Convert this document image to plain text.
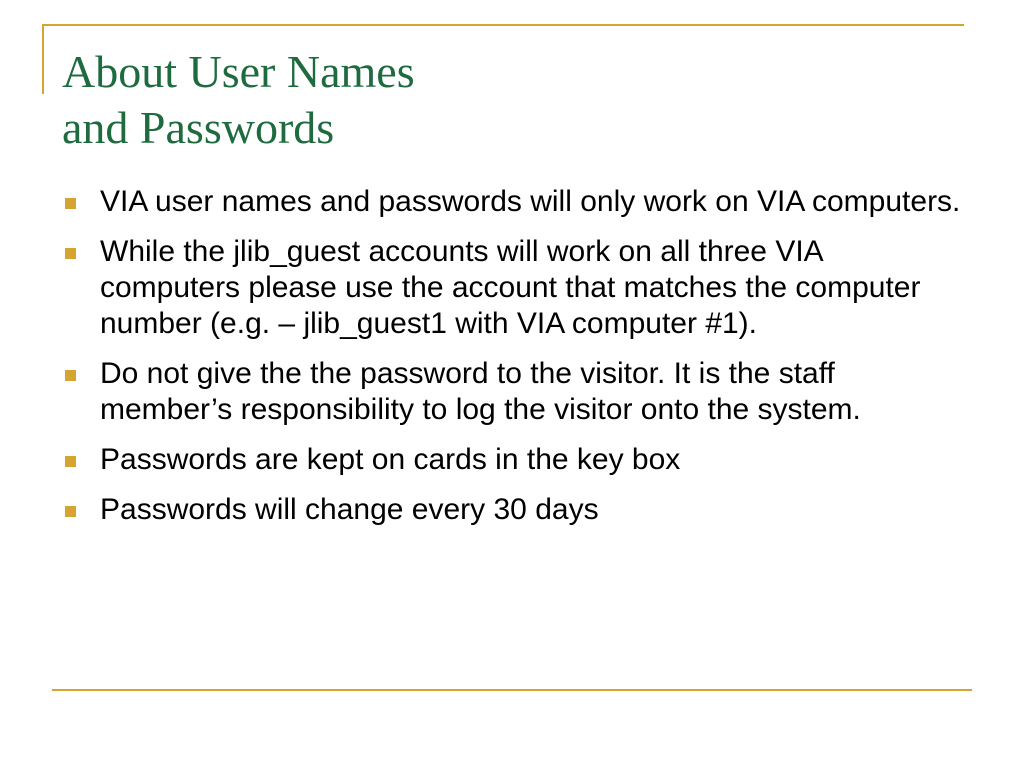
About User Names
and Passwords
VIA user names and passwords will only work on VIA computers.
While the jlib_guest accounts will work on all three VIA computers please use the account that matches the computer number (e.g. – jlib_guest1 with VIA computer #1).
Do not give the the password to the visitor. It is the staff member’s responsibility to log the visitor onto the system.
Passwords are kept on cards in the key box
Passwords will change every 30 days
